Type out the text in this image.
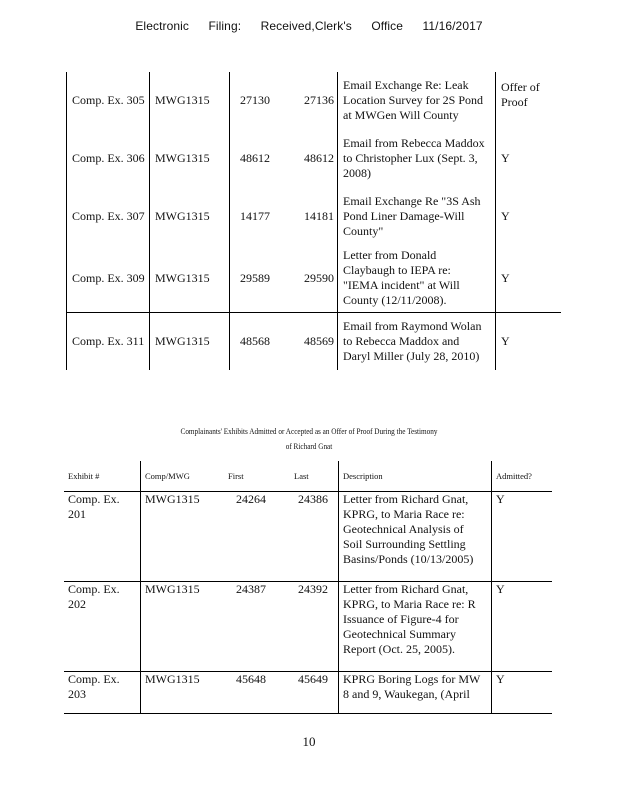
Electronic Filing: Received,Clerk's Office 11/16/2017
Comp. Ex. 305	MWG1315	27130	27136	Email Exchange Re: Leak
Location Survey for 2S Pond
at MWGen Will County	Offer of Proof
Comp. Ex. 306	MWG1315	48612	48612	Email from Rebecca Maddox
to Christopher Lux (Sept. 3,
2008)	Y
Comp. Ex. 307	MWG1315	14177	14181	Email Exchange Re "3S Ash
Pond Liner Damage-Will
County"	Y
Comp. Ex. 309	MWG1315	29589	29590	Letter from Donald
Claybaugh to IEPA re:
"IEMA incident" at Will
County (12/11/2008).	Y
Comp. Ex. 311	MWG1315	48568	48569	Email from Raymond Wolan
to Rebecca Maddox and
Daryl Miller (July 28, 2010)	Y
Complainants' Exhibits Admitted or Accepted as an Offer of Proof During the Testimony
of Richard Gnat
Exhibit #	Comp/MWG	First	Last	Description	Admitted?
Comp. Ex. 201	MWG1315	24264	24386	Letter from Richard Gnat,
KPRG, to Maria Race re:
Geotechnical Analysis of
Soil Surrounding Settling
Basins/Ponds (10/13/2005)	Y
Comp. Ex. 202	MWG1315	24387	24392	Letter from Richard Gnat,
KPRG, to Maria Race re: R
Issuance of Figure-4 for
Geotechnical Summary
Report (Oct. 25, 2005).	Y
Comp. Ex. 203	MWG1315	45648	45649	KPRG Boring Logs for MW
8 and 9, Waukegan, (April	Y
10
